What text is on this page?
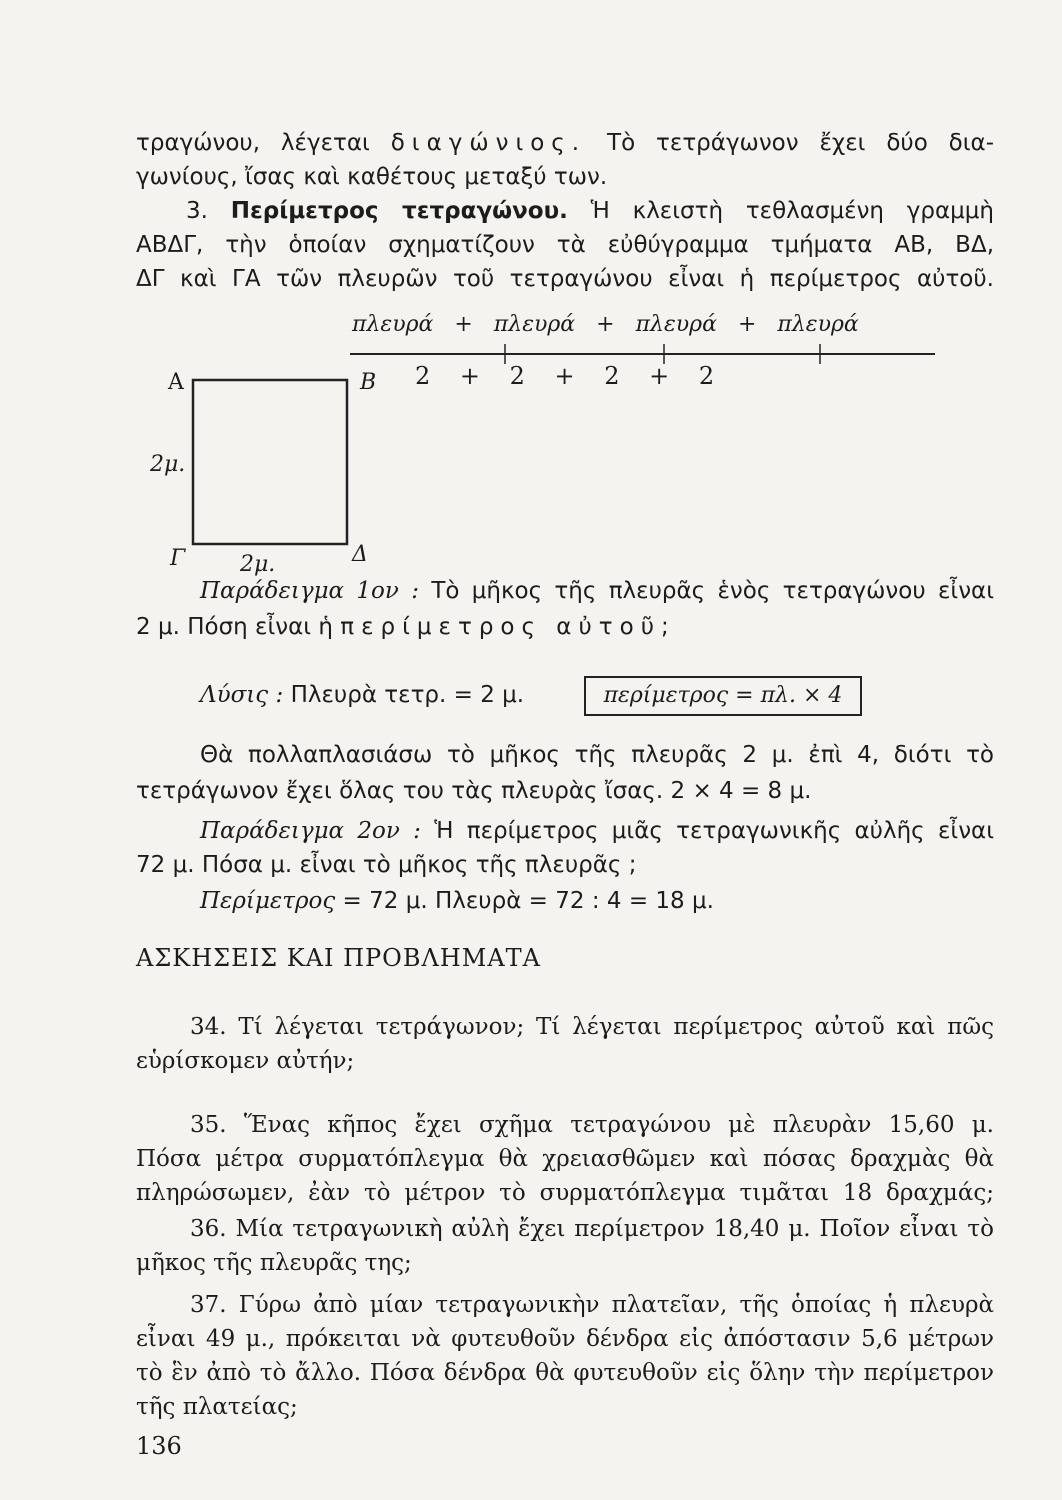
τραγώνου, λέγεται διαγώνιος. Τὸ τετράγωνον ἔχει δύο δια-
γωνίους, ἴσας καὶ καθέτους μεταξύ των.
3. Περίμετρος τετραγώνου. Ἡ κλειστὴ τεθλασμένη γραμμὴ
ΑΒΔΓ, τὴν ὁποίαν σχηματίζουν τὰ εὐθύγραμμα τμήματα ΑΒ, ΒΔ,
ΔΓ καὶ ΓΑ τῶν πλευρῶν τοῦ τετραγώνου εἶναι ἡ περίμετρος αὐτοῦ.
πλευρά + πλευρά + πλευρά + πλευρά
2 + 2 + 2 + 2
Α	Β
Γ	Δ
2μ.
2μ.
Παράδειγμα 1ον : Τὸ μῆκος τῆς πλευρᾶς ἑνὸς τετραγώνου εἶναι
2 μ. Πόση εἶναι ἡ περίμετρος αὐτοῦ;
Λύσις : Πλευρὰ τετρ. = 2 μ.	περίμετρος = πλ. × 4
Θὰ πολλαπλασιάσω τὸ μῆκος τῆς πλευρᾶς 2 μ. ἐπὶ 4, διότι τὸ
τετράγωνον ἔχει ὅλας του τὰς πλευρὰς ἴσας. 2 × 4 = 8 μ.
Παράδειγμα 2ον : Ἡ περίμετρος μιᾶς τετραγωνικῆς αὐλῆς εἶναι
72 μ. Πόσα μ. εἶναι τὸ μῆκος τῆς πλευρᾶς ;
Περίμετρος = 72 μ. Πλευρὰ = 72 : 4 = 18 μ.
ΑΣΚΗΣΕΙΣ ΚΑΙ ΠΡΟΒΛΗΜΑΤΑ
34. Τί λέγεται τετράγωνον; Τί λέγεται περίμετρος αὐτοῦ καὶ πῶς
εὑρίσκομεν αὐτήν;
35. Ἕνας κῆπος ἔχει σχῆμα τετραγώνου μὲ πλευρὰν 15,60 μ.
Πόσα μέτρα συρματόπλεγμα θὰ χρειασθῶμεν καὶ πόσας δραχμὰς θὰ
πληρώσωμεν, ἐὰν τὸ μέτρον τὸ συρματόπλεγμα τιμᾶται 18 δραχμάς;
36. Μία τετραγωνικὴ αὐλὴ ἔχει περίμετρον 18,40 μ. Ποῖον εἶναι τὸ
μῆκος τῆς πλευρᾶς της;
37. Γύρω ἀπὸ μίαν τετραγωνικὴν πλατεῖαν, τῆς ὁποίας ἡ πλευρὰ
εἶναι 49 μ., πρόκειται νὰ φυτευθοῦν δένδρα εἰς ἀπόστασιν 5,6 μέτρων
τὸ ἓν ἀπὸ τὸ ἄλλο. Πόσα δένδρα θὰ φυτευθοῦν εἰς ὅλην τὴν περίμετρον
τῆς πλατείας;
136
